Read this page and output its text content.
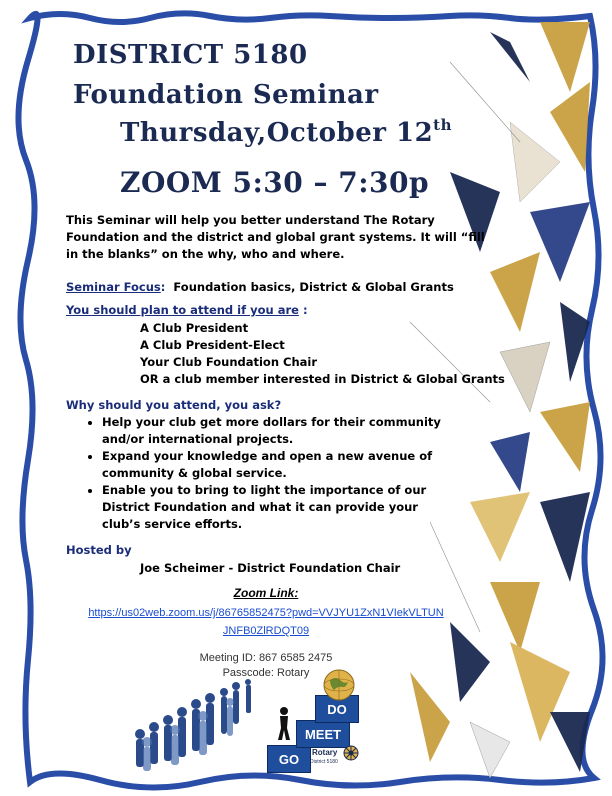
DISTRICT 5180
Foundation Seminar
Thursday,October 12th
ZOOM 5:30 – 7:30p
This Seminar will help you better understand The Rotary Foundation and the district and global grant systems. It will “fill in the blanks” on the why, who and where.
Seminar Focus: Foundation basics, District & Global Grants
You should plan to attend if you are :
A Club President
A Club President-Elect
Your Club Foundation Chair
OR a club member interested in District & Global Grants
Why should you attend, you ask?
• Help your club get more dollars for their community and/or international projects.
• Expand your knowledge and open a new avenue of community & global service.
• Enable you to bring to light the importance of our District Foundation and what it can provide your club’s service efforts.
Hosted by
Joe Scheimer - District Foundation Chair
Zoom Link:
https://us02web.zoom.us/j/86765852475?pwd=VVJYU1ZxN1VIekVLTUN
JNFB0ZlRDQT09
Meeting ID: 867 6585 2475
Passcode: Rotary
GO
MEET
DO
Rotary
District 5180
